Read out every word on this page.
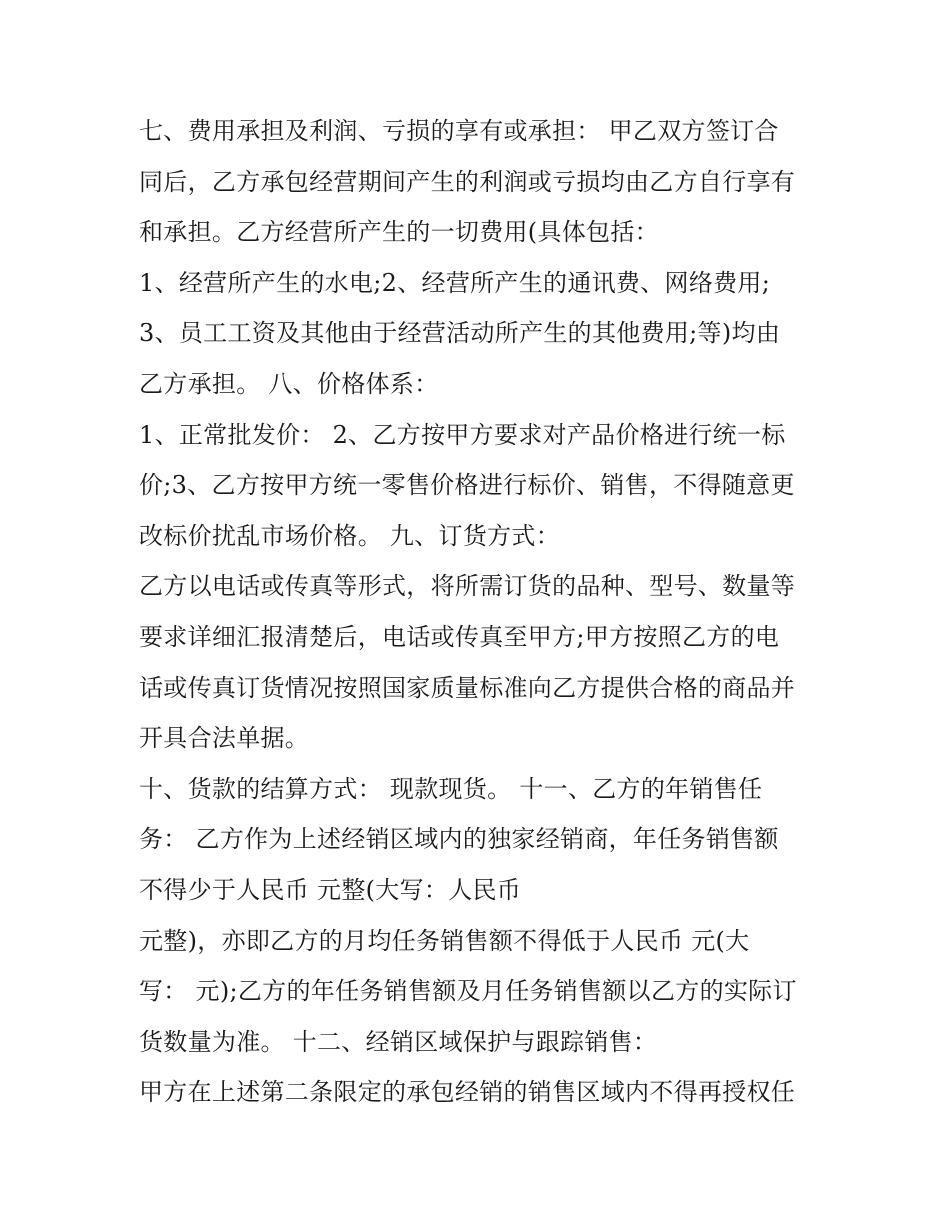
七、费用承担及利润、亏损的享有或承担： 甲乙双方签订合
同后，乙方承包经营期间产生的利润或亏损均由乙方自行享有
和承担。乙方经营所产生的一切费用(具体包括：
1、经营所产生的水电;2、经营所产生的通讯费、网络费用;
3、员工工资及其他由于经营活动所产生的其他费用;等)均由
乙方承担。 八、价格体系：
1、正常批发价： 2、乙方按甲方要求对产品价格进行统一标
价;3、乙方按甲方统一零售价格进行标价、销售，不得随意更
改标价扰乱市场价格。 九、订货方式：
乙方以电话或传真等形式，将所需订货的品种、型号、数量等
要求详细汇报清楚后，电话或传真至甲方;甲方按照乙方的电
话或传真订货情况按照国家质量标准向乙方提供合格的商品并
开具合法单据。
十、货款的结算方式： 现款现货。 十一、乙方的年销售任
务： 乙方作为上述经销区域内的独家经销商，年任务销售额
不得少于人民币 元整(大写：人民币
元整)，亦即乙方的月均任务销售额不得低于人民币 元(大
写： 元);乙方的年任务销售额及月任务销售额以乙方的实际订
货数量为准。 十二、经销区域保护与跟踪销售：
甲方在上述第二条限定的承包经销的销售区域内不得再授权任
